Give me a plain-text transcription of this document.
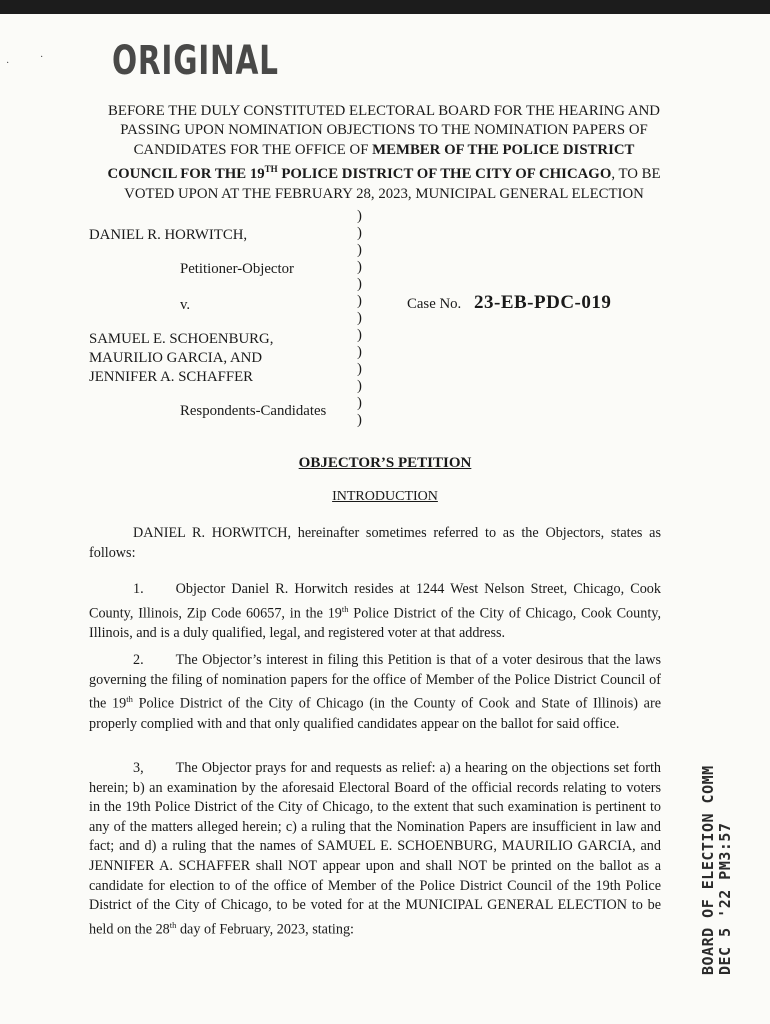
·
· ORIGINAL
BEFORE THE DULY CONSTITUTED ELECTORAL BOARD FOR THE HEARING AND
PASSING UPON NOMINATION OBJECTIONS TO THE NOMINATION PAPERS OF
CANDIDATES FOR THE OFFICE OF MEMBER OF THE POLICE DISTRICT
COUNCIL FOR THE 19TH POLICE DISTRICT OF THE CITY OF CHICAGO, TO BE
VOTED UPON AT THE FEBRUARY 28, 2023, MUNICIPAL GENERAL ELECTION
DANIEL R. HORWITCH,
Petitioner-Objector
v.
SAMUEL E. SCHOENBURG,
MAURILIO GARCIA, AND
JENNIFER A. SCHAFFER
Respondents-Candidates
)
)
)
)
)
)
)
)
)
)
)
)
)
Case No. 23-EB-PDC-019
OBJECTOR’S PETITION
INTRODUCTION
DANIEL R. HORWITCH, hereinafter sometimes referred to as the Objectors, states as follows:
1. Objector Daniel R. Horwitch resides at 1244 West Nelson Street, Chicago, Cook County, Illinois, Zip Code 60657, in the 19th Police District of the City of Chicago, Cook County, Illinois, and is a duly qualified, legal, and registered voter at that address.
2. The Objector’s interest in filing this Petition is that of a voter desirous that the laws governing the filing of nomination papers for the office of Member of the Police District Council of the 19th Police District of the City of Chicago (in the County of Cook and State of Illinois) are properly complied with and that only qualified candidates appear on the ballot for said office.
3, The Objector prays for and requests as relief: a) a hearing on the objections set forth herein; b) an examination by the aforesaid Electoral Board of the official records relating to voters in the 19th Police District of the City of Chicago, to the extent that such examination is pertinent to any of the matters alleged herein; c) a ruling that the Nomination Papers are insufficient in law and fact; and d) a ruling that the names of SAMUEL E. SCHOENBURG, MAURILIO GARCIA, and JENNIFER A. SCHAFFER shall NOT appear upon and shall NOT be printed on the ballot as a candidate for election to of the office of Member of the Police District Council of the 19th Police District of the City of Chicago, to be voted for at the MUNICIPAL GENERAL ELECTION to be held on the 28th day of February, 2023, stating:	BOARD OF ELECTION COMM DEC 5 '22 PM3:57
